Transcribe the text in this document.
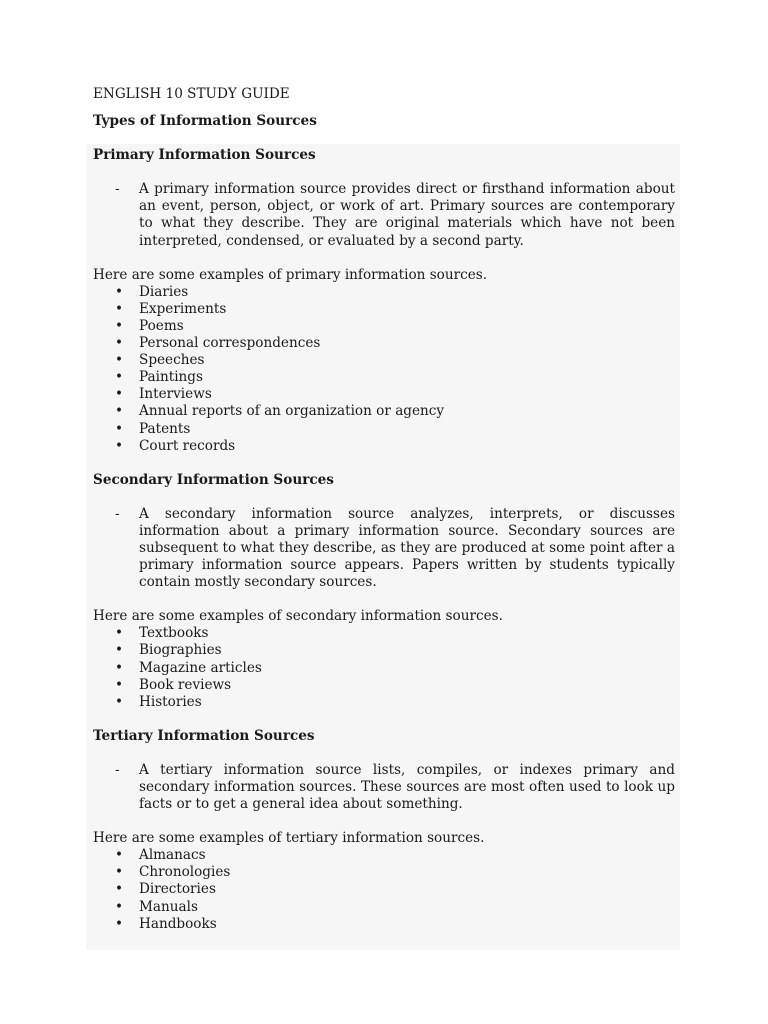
ENGLISH 10 STUDY GUIDE

Types of Information Sources

Primary Information Sources

-	A primary information source provides direct or firsthand information about an event, person, object, or work of art. Primary sources are contemporary to what they describe. They are original materials which have not been interpreted, condensed, or evaluated by a second party.

Here are some examples of primary information sources.

•	Diaries
•	Experiments
•	Poems
•	Personal correspondences
•	Speeches
•	Paintings
•	Interviews
•	Annual reports of an organization or agency
•	Patents
•	Court records

Secondary Information Sources

-	A secondary information source analyzes, interprets, or discusses information about a primary information source. Secondary sources are subsequent to what they describe, as they are produced at some point after a primary information source appears. Papers written by students typically contain mostly secondary sources.

Here are some examples of secondary information sources.

•	Textbooks
•	Biographies
•	Magazine articles
•	Book reviews
•	Histories

Tertiary Information Sources

-	A tertiary information source lists, compiles, or indexes primary and secondary information sources. These sources are most often used to look up facts or to get a general idea about something.

Here are some examples of tertiary information sources.

•	Almanacs
•	Chronologies
•	Directories
•	Manuals
•	Handbooks
